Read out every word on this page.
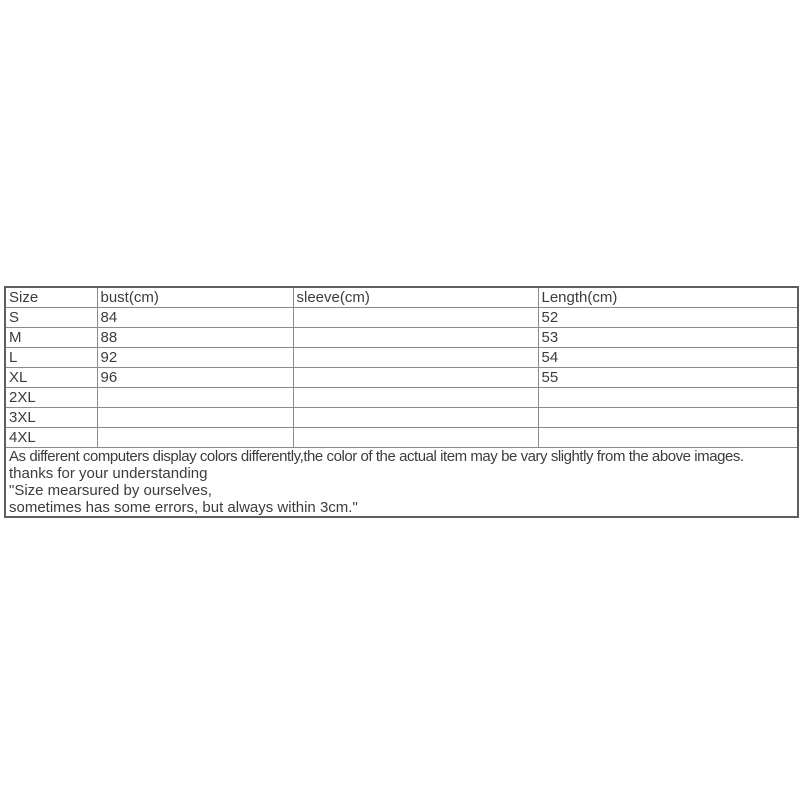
Size	bust(cm)	sleeve(cm)	Length(cm)
S	84		52
M	88		53
L	92		54
XL	96		55
2XL			
3XL			
4XL			

As different computers display colors differently,the color of the actual item may be vary slightly from the above images.
thanks for your understanding
"Size mearsured by ourselves,
sometimes has some errors, but always within 3cm."			
